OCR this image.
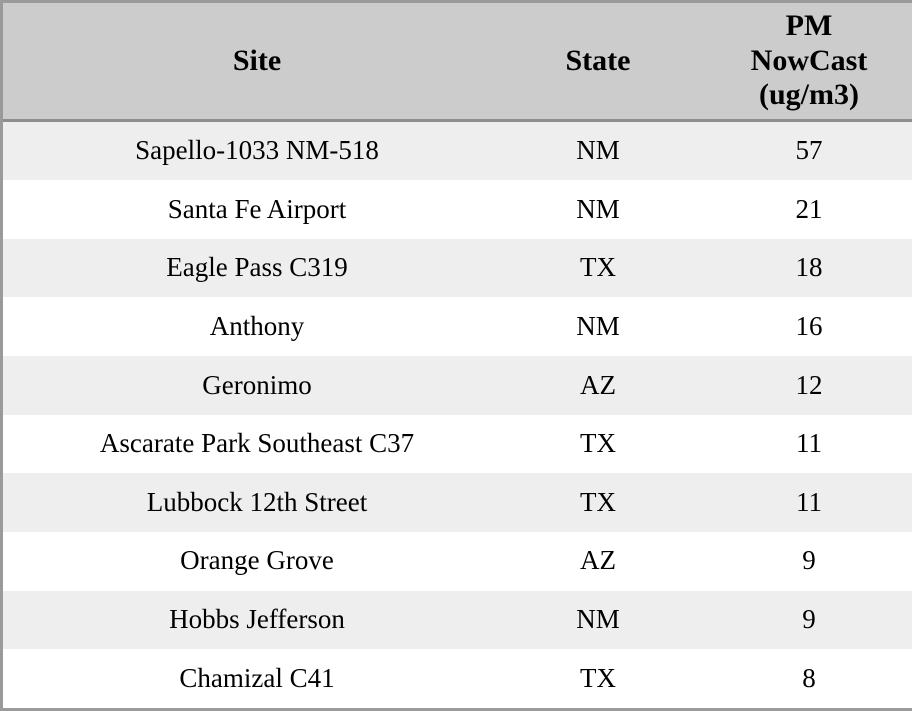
Site	State	PM
NowCast
(ug/m3)

Sapello-1033 NM-518	NM	57
Santa Fe Airport	NM	21
Eagle Pass C319	TX	18
Anthony	NM	16
Geronimo	AZ	12
Ascarate Park Southeast C37	TX	11
Lubbock 12th Street	TX	11
Orange Grove	AZ	9
Hobbs Jefferson	NM	9
Chamizal C41	TX	8
